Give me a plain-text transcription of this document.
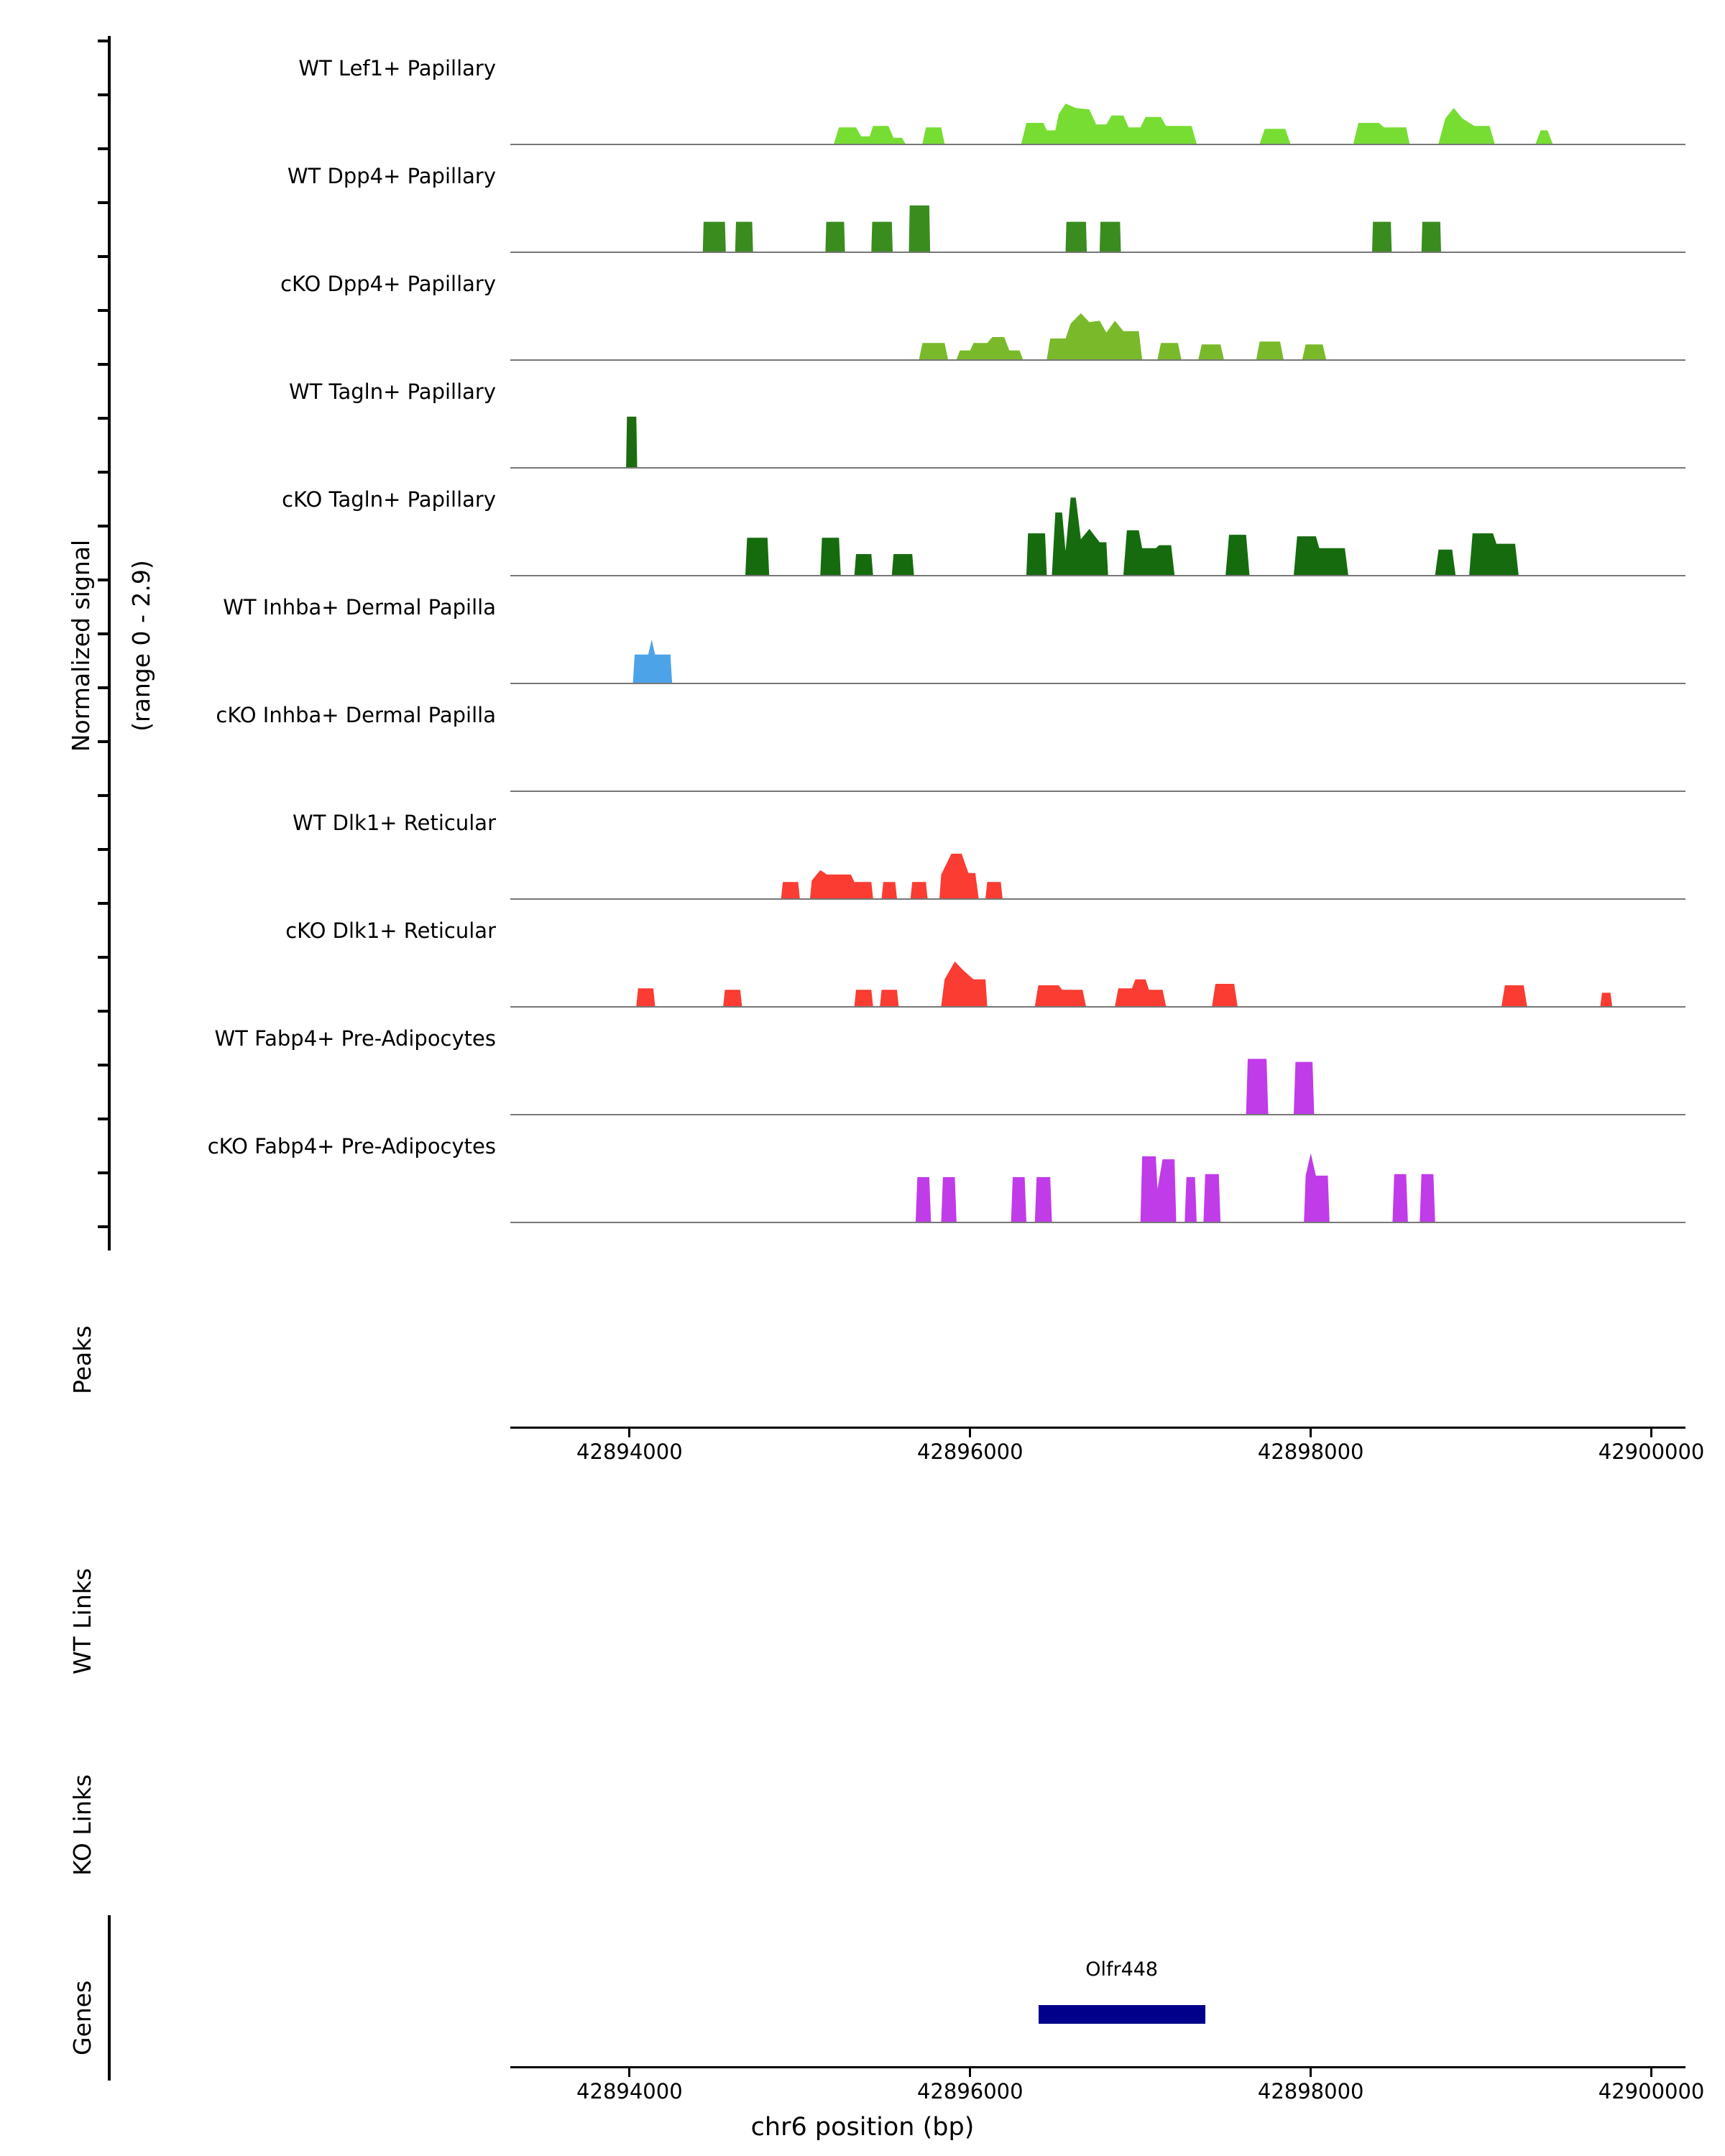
Normalized signal (range 0 - 2.9)

Peaks
WT Links
KO Links
Genes
WT Lef1+ Papillary
WT Dpp4+ Papillary
cKO Dpp4+ Papillary
WT Tagln+ Papillary
cKO Tagln+ Papillary
WT Inhba+ Dermal Papilla
cKO Inhba+ Dermal Papilla
WT Dlk1+ Reticular
cKO Dlk1+ Reticular
WT Fabp4+ Pre-Adipocytes
cKO Fabp4+ Pre-Adipocytes
42894000	42896000	42898000	42900000
42894000	42896000	42898000	42900000
Olfr448
chr6 position (bp)
